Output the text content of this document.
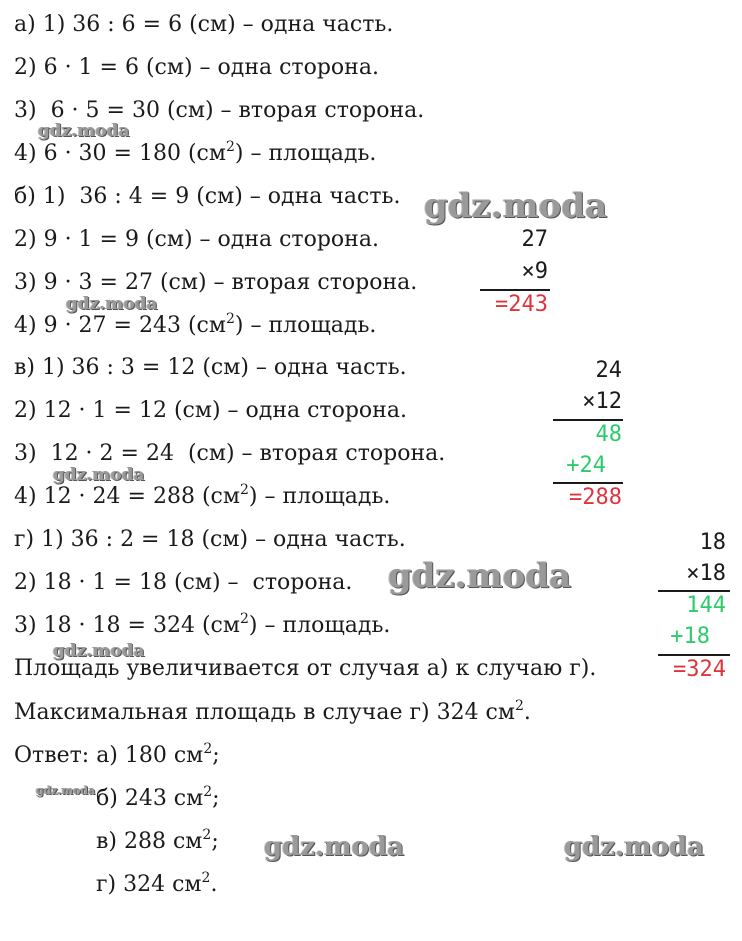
а) 1) 36 : 6 = 6 (см) – одна часть.
2) 6 · 1 = 6 (см) – одна сторона.
3)  6 · 5 = 30 (см) – вторая сторона.
4) 6 · 30 = 180 $(см^2)$ – площадь.
б) 1)  36 : 4 = 9 (см) – одна часть.
2) 9 · 1 = 9 (см) – одна сторона.
3) 9 · 3 = 27 (см) – вторая сторона.
4) 9 · 27 = 243 $(см^2)$ – площадь.
в) 1) 36 : 3 = 12 (см) – одна часть.
2) 12 · 1 = 12 (см) – одна сторона.
3)  12 · 2 = 24  (см) – вторая сторона.
4) 12 · 24 = 288 $(см^2)$ – площадь.
г) 1) 36 : 2 = 18 (см) – одна часть.
2) 18 · 1 = 18 (см) –  сторона.
3) 18 · 18 = 324 $(см^2)$ – площадь.
Площадь увеличивается от случая а) к случаю г).
Максимальная площадь в случае г) 324 $см^2$.
Ответ: а) 180 $см^2$;
б) 243 $см^2$;
в) 288 $см^2$;
г) 324 $см^2$.
27
×9
=243
24
×12
48
+24
=288
18
×18
144
+18
=324
gdz.moda
gdz.moda
gdz.moda
gdz.moda
gdz.moda
gdz.moda
gdz.moda
gdz.moda	gdz.moda
